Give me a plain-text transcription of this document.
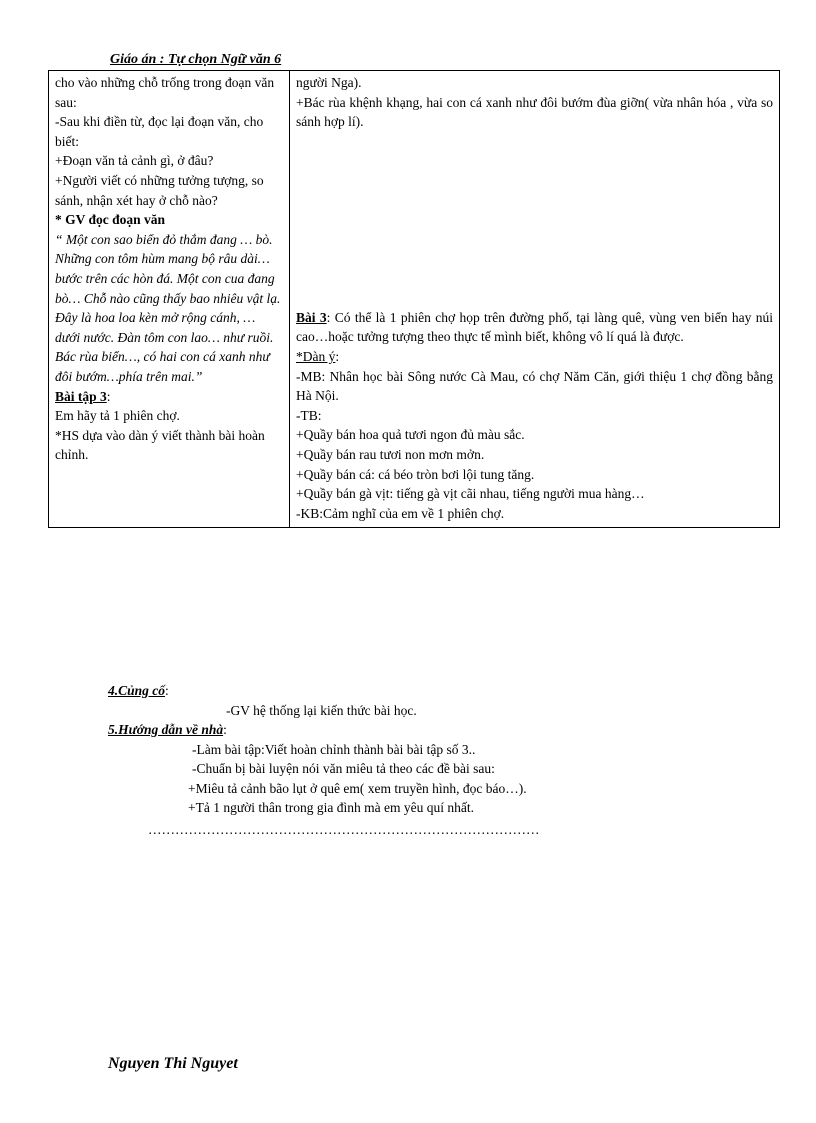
Giáo án : Tự chọn Ngữ văn 6

cho vào những chỗ trống trong đoạn văn sau:

-Sau khi điền từ, đọc lại đoạn văn, cho biết:

+Đoạn văn tả cảnh gì, ở đâu?

+Người viết có những tưởng tượng, so sánh, nhận xét hay ở chỗ nào?

* GV đọc đoạn văn

“ Một con sao biển đỏ thắm đang … bò. Những con tôm hùm mang bộ râu dài… bước trên các hòn đá. Một con cua đang bò… Chỗ nào cũng thấy bao nhiêu vật lạ. Đây là hoa loa kèn mở rộng cánh, … dưới nước. Đàn tôm con lao… như ruồi. Bác rùa biển…, có hai con cá xanh như đôi bướm…phía trên mai.”

Bài tập 3:

Em hãy tả 1 phiên chợ.

*HS dựa vào dàn ý viết thành bài hoàn chỉnh.

người Nga).

+Bác rùa khệnh khạng, hai con cá xanh như đôi bướm đùa giỡn( vừa nhân hóa , vừa so sánh hợp lí).

Bài 3: Có thể là 1 phiên chợ họp trên đường phố, tại làng quê, vùng ven biển hay núi cao…hoặc tưởng tượng theo thực tế mình biết, không vô lí quá là được.

*Dàn ý:

-MB: Nhân học bài Sông nước Cà Mau, có chợ Năm Căn, giới thiệu 1 chợ đồng bằng Hà Nội.

-TB:

+Quầy bán hoa quả tươi ngon đủ màu sắc.

+Quầy bán rau tươi non mơn mởn.

+Quầy bán cá: cá béo tròn bơi lội tung tăng.

+Quầy bán gà vịt: tiếng gà vịt cãi nhau, tiếng người mua hàng…

-KB:Cảm nghĩ của em về 1 phiên chợ.

4.Củng cố:
-GV hệ thống lại kiến thức bài học.
5.Hướng dẫn về nhà:
-Làm bài tập:Viết hoàn chỉnh thành bài bài tập số 3..
-Chuẩn bị bài luyện nói văn miêu tả theo các đề bài sau:
+Miêu tả cảnh bão lụt ở quê em( xem truyền hình, đọc báo…).
+Tả 1 người thân trong gia đình mà em yêu quí nhất.
……………………………………………………………………………
Nguyen Thi Nguyet
